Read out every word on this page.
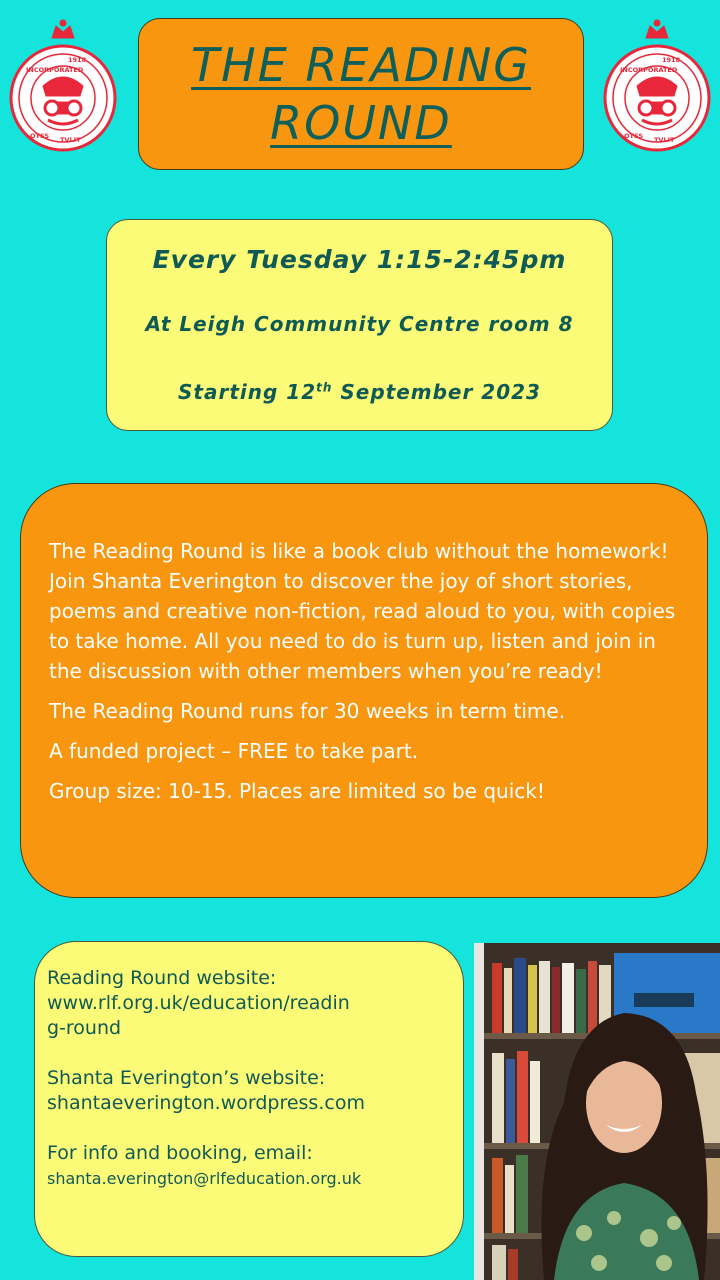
INCORPORATED
1918
OTSS TVLIT
INCORPORATED
1918
OTSS TVLIT
THE READING
ROUND
Every Tuesday 1:15-2:45pm
At Leigh Community Centre room 8
Starting 12th September 2023

The Reading Round is like a book club without the homework! Join Shanta Everington to discover the joy of short stories, poems and creative non-fiction, read aloud to you, with copies to take home. All you need to do is turn up, listen and join in the discussion with other members when you’re ready!

The Reading Round runs for 30 weeks in term time.

A funded project – FREE to take part.

Group size: 10-15. Places are limited so be quick!

Reading Round website:
www.rlf.org.uk/education/readin
g-round
Shanta Everington’s website:
shantaeverington.wordpress.com
For info and booking, email:
shanta.everington@rlfeducation.org.uk
